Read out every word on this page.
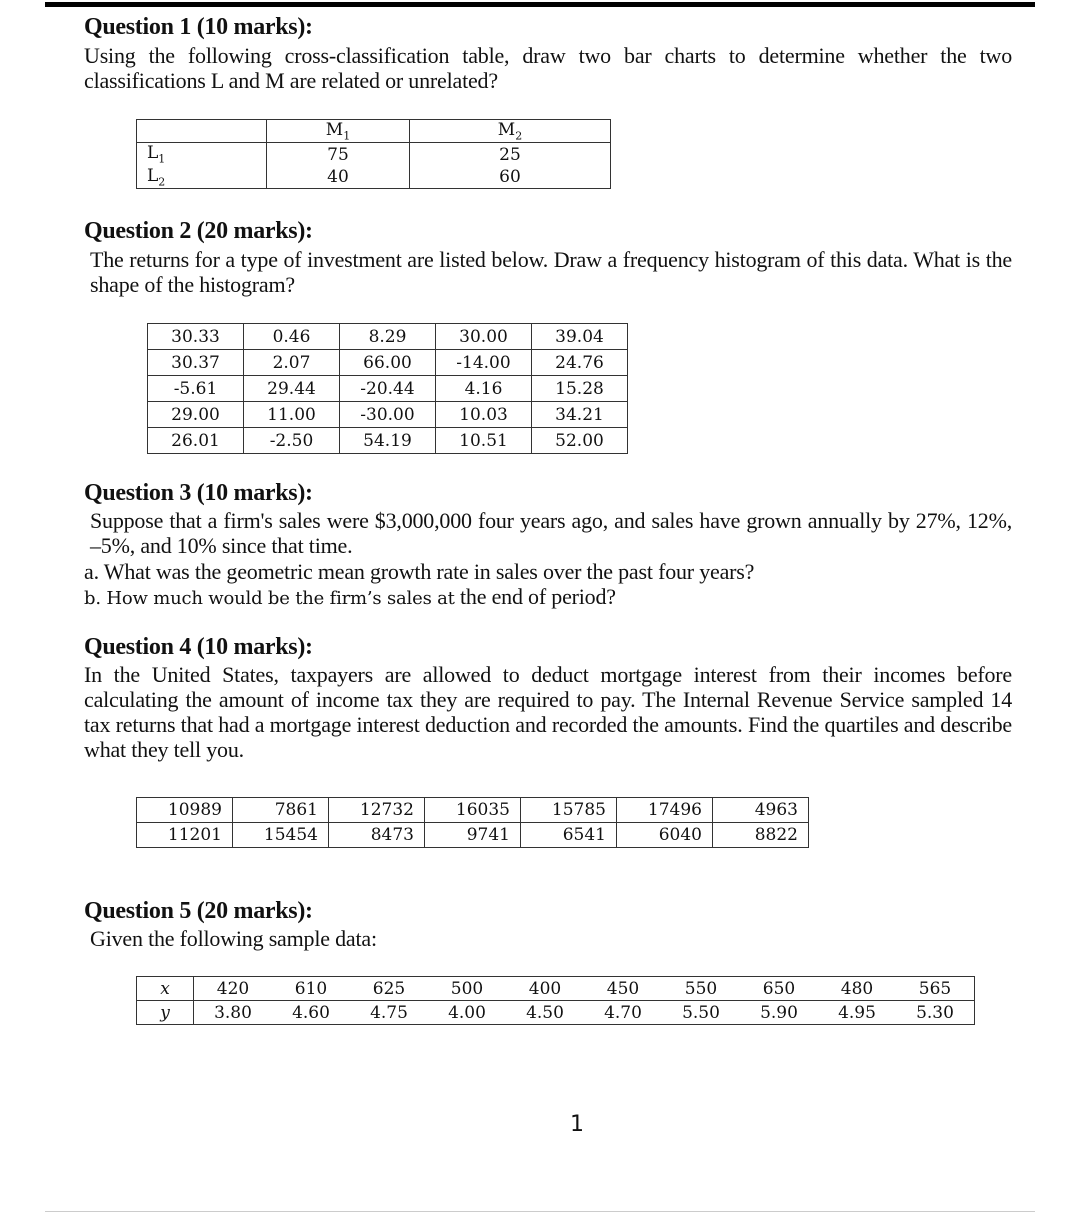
Question 1 (10 marks):
Using the following cross-classification table, draw two bar charts to determine whether the two classifications L and M are related or unrelated?
	$M_1$	$M_2$
$L_1$	75	25
$L_2$	40	60
Question 2 (20 marks):
The returns for a type of investment are listed below. Draw a frequency histogram of this data. What is the shape of the histogram?
30.33	0.46	8.29	30.00	39.04
30.37	2.07	66.00	-14.00	24.76
-5.61	29.44	-20.44	4.16	15.28
29.00	11.00	-30.00	10.03	34.21
26.01	-2.50	54.19	10.51	52.00
Question 3 (10 marks):
Suppose that a firm's sales were $3,000,000 four years ago, and sales have grown annually by 27%, 12%, –5%, and 10% since that time.
a. What was the geometric mean growth rate in sales over the past four years?
b. How much would be the firm’s sales at the end of period?
Question 4 (10 marks):
In the United States, taxpayers are allowed to deduct mortgage interest from their incomes before calculating the amount of income tax they are required to pay. The Internal Revenue Service sampled 14 tax returns that had a mortgage interest deduction and recorded the amounts. Find the quartiles and describe what they tell you.
10989	7861	12732	16035	15785	17496	4963
11201	15454	8473	9741	6541	6040	8822
Question 5 (20 marks):
Given the following sample data:
x	420	610	625	500	400	450	550	650	480	565
y	3.80	4.60	4.75	4.00	4.50	4.70	5.50	5.90	4.95	5.30
1
